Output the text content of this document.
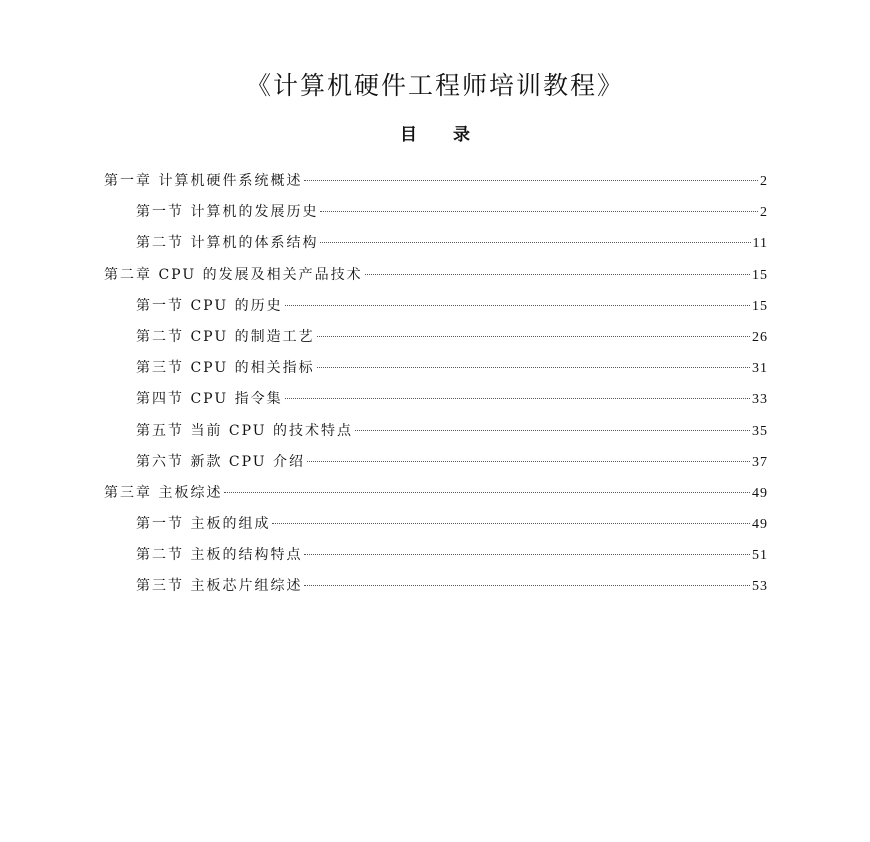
《计算机硬件工程师培训教程》
目 录
第一章 计算机硬件系统概述	2
第一节 计算机的发展历史	2
第二节 计算机的体系结构	11
第二章 CPU 的发展及相关产品技术	15
第一节 CPU 的历史	15
第二节 CPU 的制造工艺	26
第三节 CPU 的相关指标	31
第四节 CPU 指令集	33
第五节 当前 CPU 的技术特点	35
第六节 新款 CPU 介绍	37
第三章 主板综述	49
第一节 主板的组成	49
第二节 主板的结构特点	51
第三节 主板芯片组综述	53
